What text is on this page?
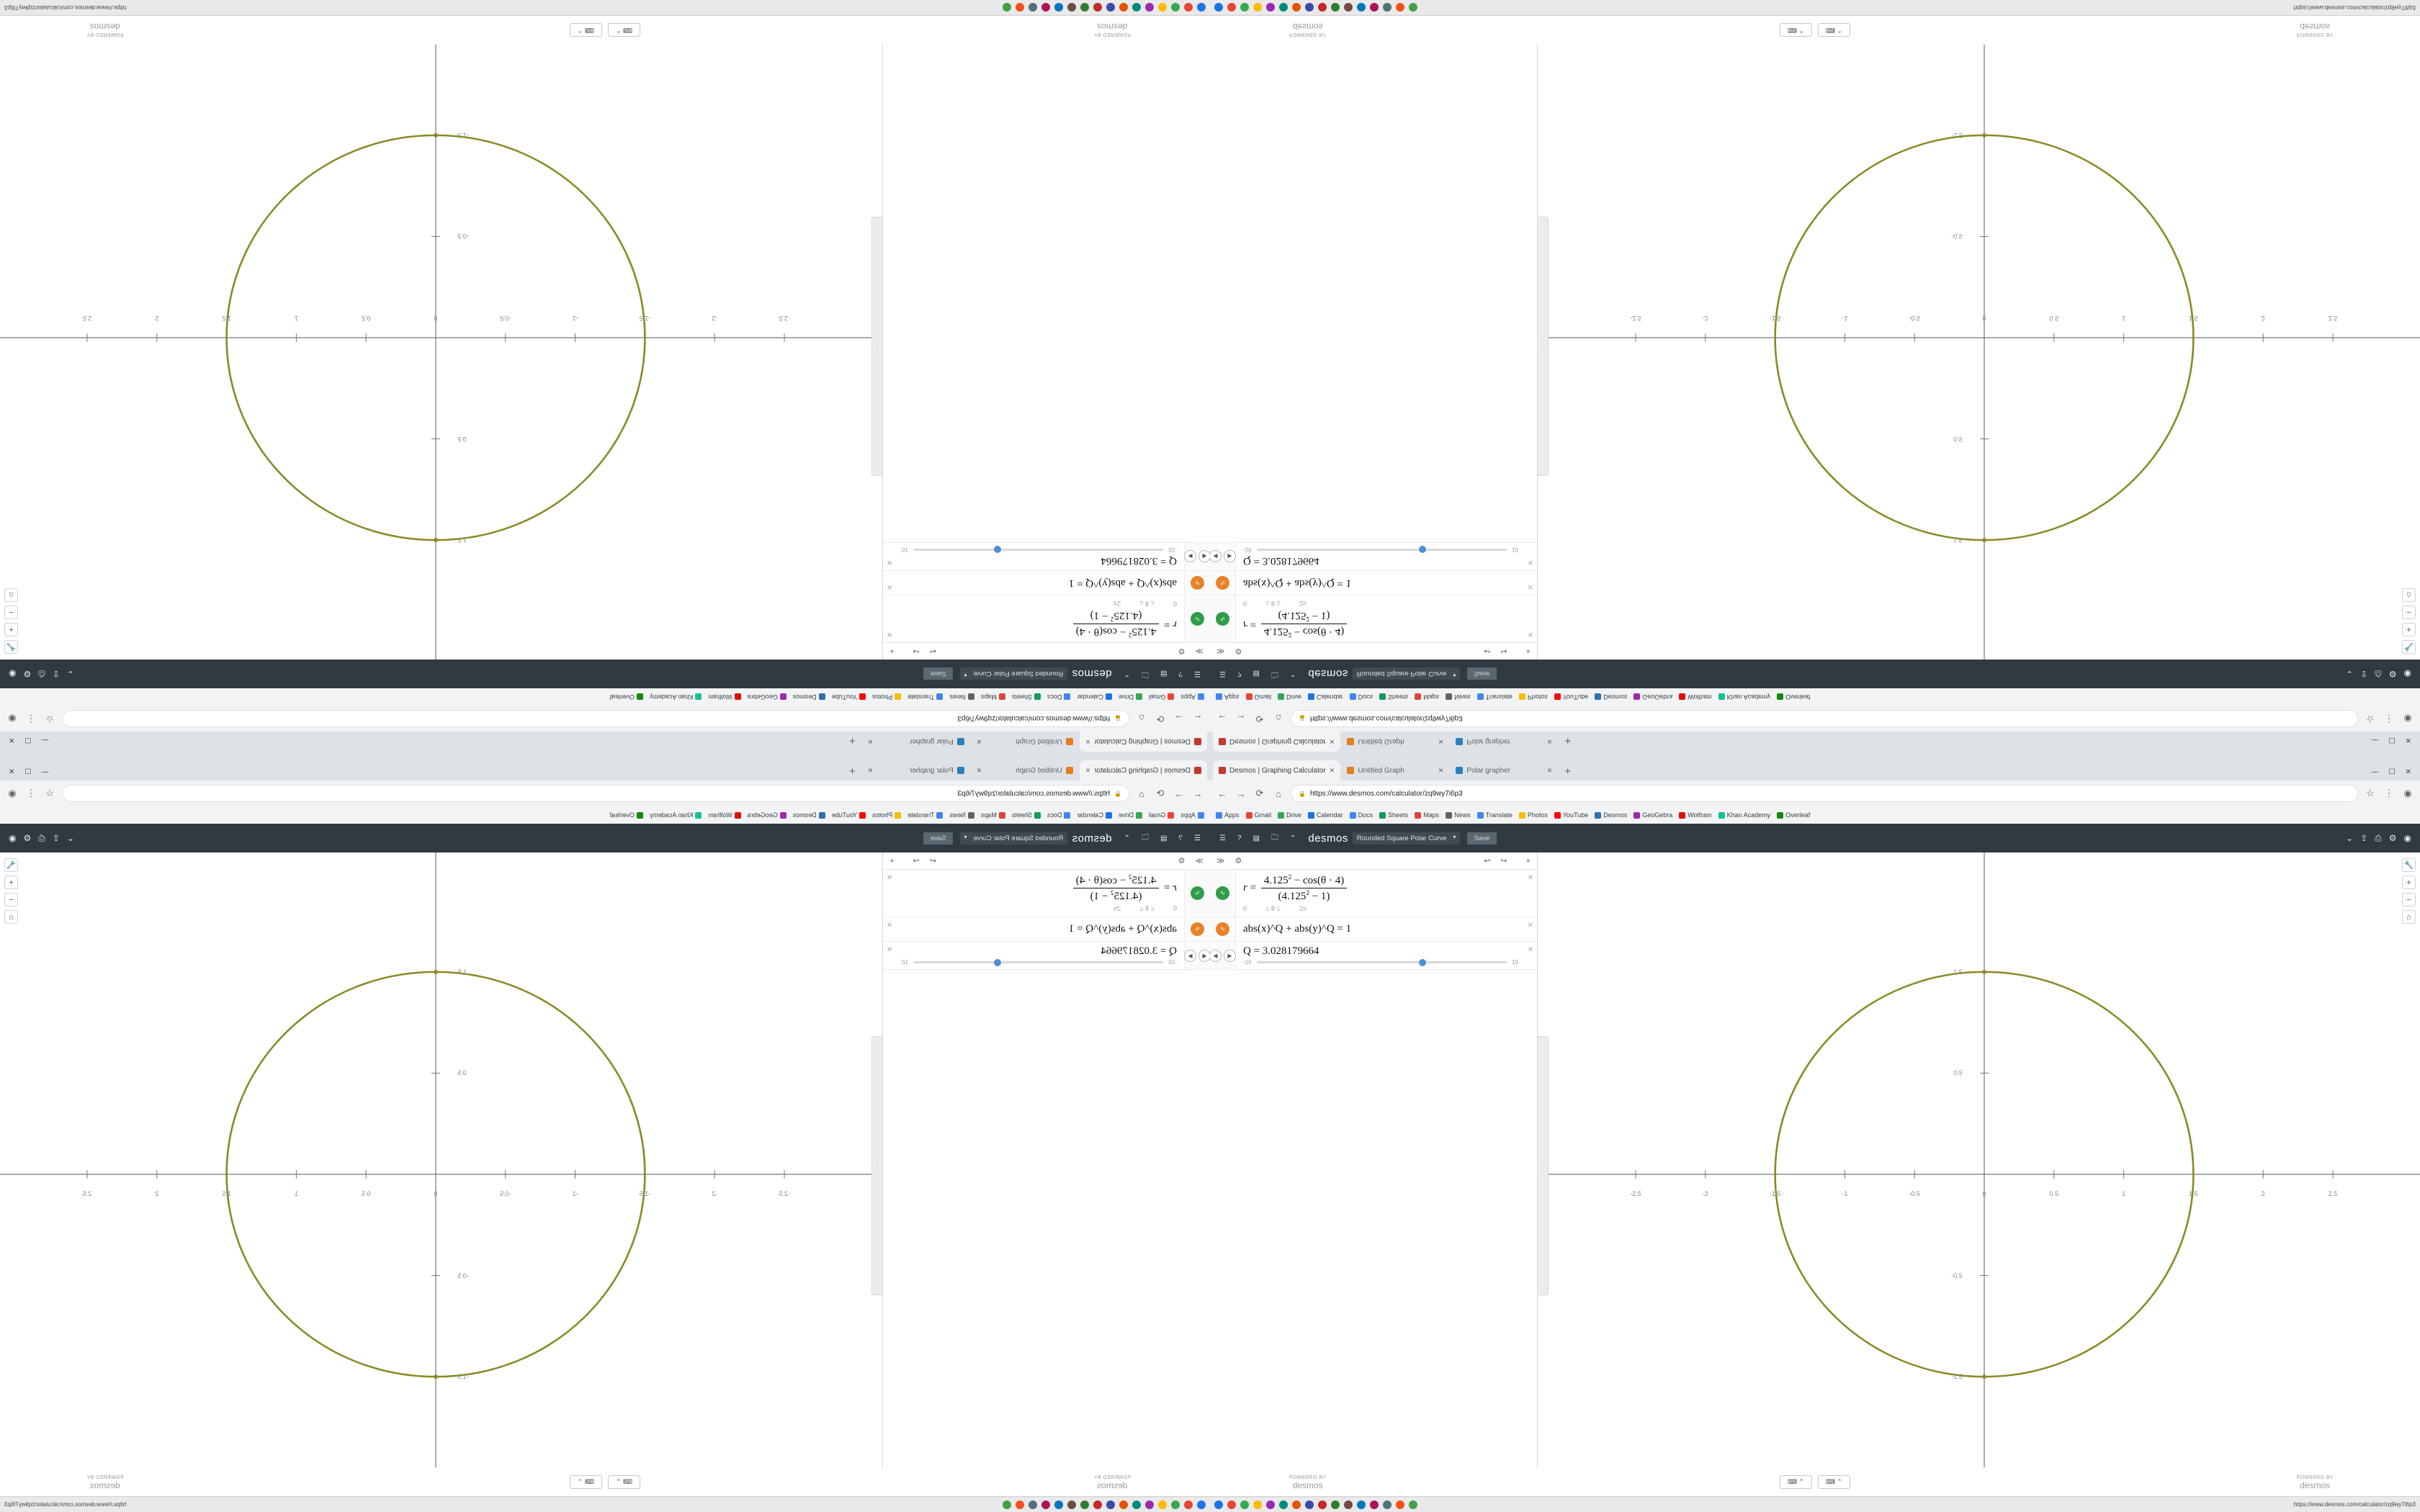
Desmos | Graphing Calculator
✕
Untitled Graph
✕
Polar grapher
✕
+
—
☐
✕
←
→
⟳
⌂
🔒
https://www.desmos.com/calculator/zq9wy7i6p3
☆
⋮
◉
Apps
Gmail
Drive
Calendar
Docs
Sheets
Maps
News
Translate
Photos
YouTube
Desmos
GeoGebra
Wolfram
Khan Academy
Overleaf
☰
?
▤
🗀
⌃
desmos
Rounded Square Polar Curve ▾
Save
⌄
⇪
⎙
⚙
◉
≫
⚙
↩
↪
+
∿
r =
$4.125^2 - \cos(\theta \cdot 4)$
$(4.125^2 - 1)$
0
≤ θ ≤
2π
✕
∿
abs(x)^Q + abs(y)^Q = 1
✕
◀
▶
Q = 3.028179664
-10
10
✕
· ·
🔧
+
−
⌂
-2.5
-2
-1.5
-1
-0.5
0
0.5
1
1.5
2
2.5
1.5
0.5
-0.5
-1.5
⌨ ⌃
⌨ ⌃	POWERED BY
desmos
POWERED BY
desmos
https://www.desmos.com/calculator/zq9wy7i6p3
Desmos | Graphing Calculator ✕	Untitled Graph	✕	Polar grapher	✕	+	— ☐ ✕
← → ⟳	⌂	🔒 https://www.desmos.com/calculator/zq9wy7i6p3	☆ ⋮ ◉
Apps Gmail Drive Calendar Docs Sheets Maps News Translate Photos YouTube Desmos GeoGebra Wolfram Khan Academy Overleaf
☰	?	▤	🗀	⌃	desmos	Rounded Square Polar Curve ▾	Save	⌄ ⇪ ⎙ ⚙ ◉
≫ ⚙	↩ ↪ +
∿	r =
$4.125^2 - \cos(\theta \cdot 4)$
$(4.125^2 - 1)$
0	≤ θ ≤	2π
✕
∿	abs(x)^Q + abs(y)^Q = 1	✕
◀	▶	Q = 3.028179664
-10	10
✕
· ·
🔧
+
−
⌂
-2.5	-2	-1.5	-1	-0.5	0	0.5	1	1.5	2	2.5
1.5
0.5
-0.5
-1.5
⌨ ⌃	⌨ ⌃
POWERED BY
desmos
POWERED BY
desmos
https://www.desmos.com/calculator/zq9wy7i6p3
Desmos | Graphing Calculator
✕
Untitled Graph
✕
Polar grapher
✕
+
—
☐
✕
←
→
⟳
⌂
🔒
https://www.desmos.com/calculator/zq9wy7i6p3
☆
⋮
◉
Apps
Gmail
Drive
Calendar
Docs
Sheets
Maps
News
Translate
Photos
YouTube
Desmos
GeoGebra
Wolfram
Khan Academy
Overleaf
☰
?
▤
🗀
⌃
desmos
Rounded Square Polar Curve ▾
Save
⌄
⇪
⎙
⚙
◉
≫
⚙
↩
↪
+
∿
r =
$\frac{4.125^2 - \cos(\theta \cdot 4)}{(4.125^2 - 1)}$
0
≤ θ ≤
2π
✕
∿
abs(x)^Q + abs(y)^Q = 1
✕
◀
▶
Q = 3.028179664
-10
10
✕
· ·
🔧
+
−
⌂
-2.5
-2
-1.5
-1
-0.5
0
0.5
1
1.5
2
2.5
1.5
0.5
-0.5
-1.5
⌨ ⌃
⌨ ⌃	POWERED BY
desmos
POWERED BY
desmos
https://www.desmos.com/calculator/zq9wy7i6p3
Desmos | Graphing Calculator ✕	Untitled Graph	✕	Polar grapher	✕	+	— ☐ ✕
← → ⟳	⌂	🔒 https://www.desmos.com/calculator/zq9wy7i6p3	☆ ⋮ ◉
Apps Gmail Drive Calendar Docs Sheets Maps News Translate Photos YouTube Desmos GeoGebra Wolfram Khan Academy Overleaf
☰	?	▤	🗀	⌃	desmos	Rounded Square Polar Curve ▾	Save	⌄ ⇪ ⎙ ⚙ ◉
≫ ⚙	↩ ↪ +
∿	$r = \frac{4.125^2 - \cos(\theta \cdot 4)}{(4.125^2 - 1)}$
0	≤ θ ≤	2π
✕
∿	abs(x)^Q + abs(y)^Q = 1	✕
◀	▶	Q = 3.028179664
-10	10
✕
· ·
🔧
+
−
⌂
-2.5	-2	-1.5	-1	-0.5	0	0.5	1	1.5	2	2.5
1.5
0.5
-0.5
-1.5
⌨ ⌃	⌨ ⌃
POWERED BY
desmos
POWERED BY
desmos
https://www.desmos.com/calculator/zq9wy7i6p3
